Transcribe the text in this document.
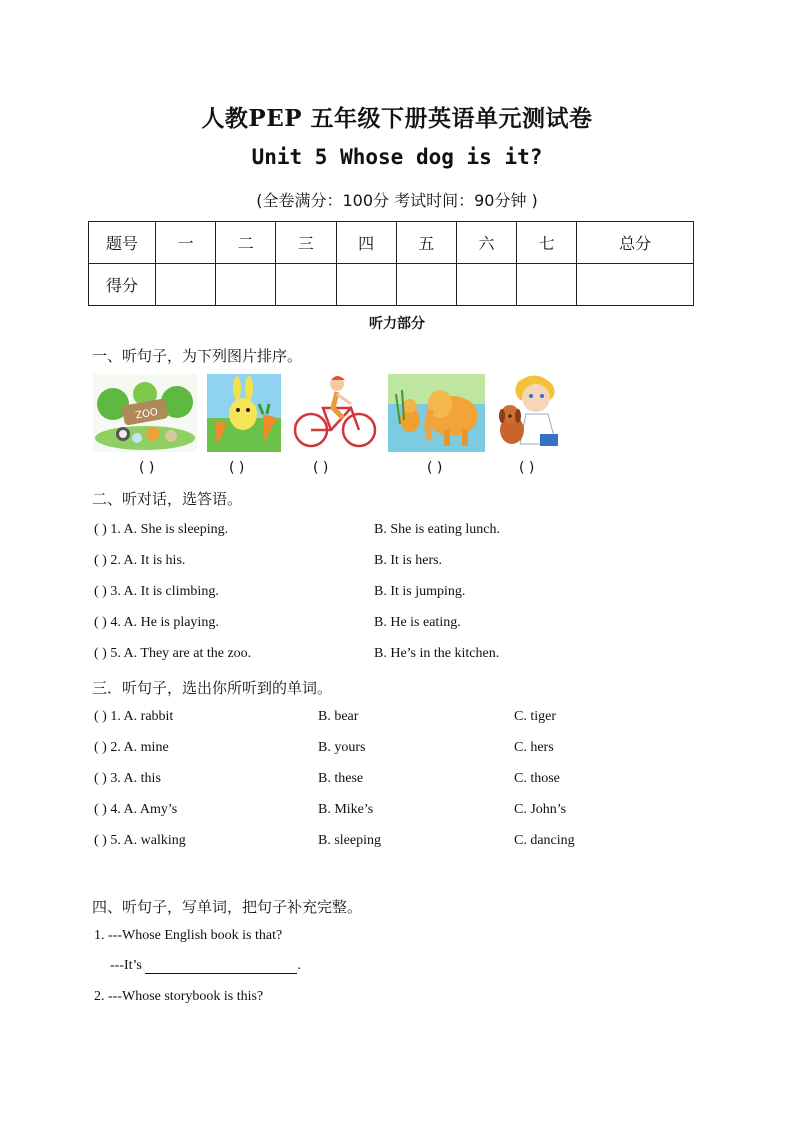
人教PEP 五年级下册英语单元测试卷
Unit 5 Whose dog is it?
(全卷满分：100分 考试时间：90分钟 )
题号	一	二	三	四	五	六	七	总分
得分								
听力部分
一、听句子，为下列图片排序。
ZOO
( )	( )	( )	( )	( )
二、听对话，选答语。
( ) 1. A. She is sleeping.	B. She is eating lunch.
( ) 2. A. It is his.	B. It is hers.
( ) 3. A. It is climbing.	B. It is jumping.
( ) 4. A. He is playing.	B. He is eating.
( ) 5. A. They are at the zoo.	B. He’s in the kitchen.
三．听句子，选出你所听到的单词。
( ) 1. A. rabbit	B. bear	C. tiger
( ) 2. A. mine	B. yours	C. hers
( ) 3. A. this	B. these	C. those
( ) 4. A. Amy’s	B. Mike’s	C. John’s
( ) 5. A. walking	B. sleeping	C. dancing
四、听句子，写单词，把句子补充完整。
1. ---Whose English book is that?
---It’s	.
2. ---Whose storybook is this?
